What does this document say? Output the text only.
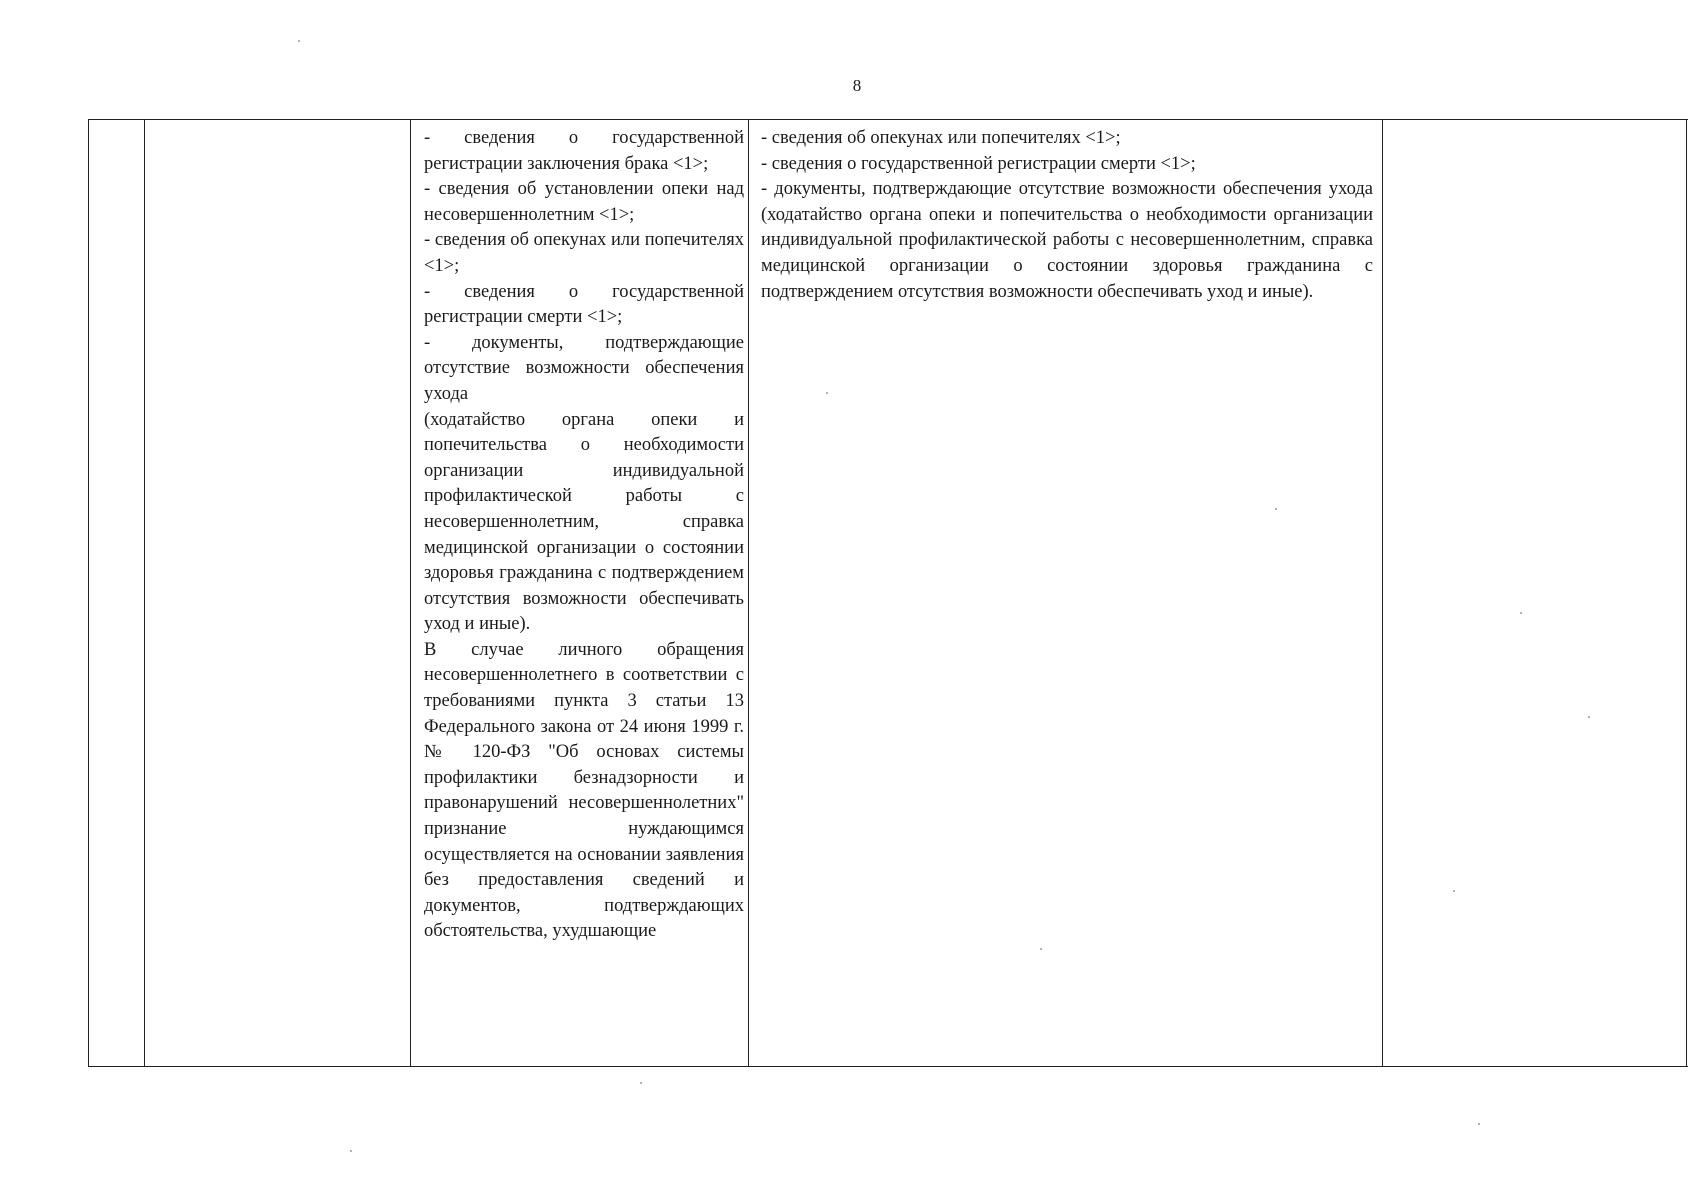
8

- сведения о государственной регистрации заключения брака <1>;

- сведения об установлении опеки над несовершеннолетним <1>;

- сведения об опекунах или попечителях <1>;

- сведения о государственной регистрации смерти <1>;

- документы, подтверждающие отсутствие возможности обеспечения ухода

(ходатайство органа опеки и попечительства о необходимости организации индивидуальной профилактической работы с несовершеннолетним, справка медицинской организации о состоянии здоровья гражданина с подтверждением отсутствия возможности обеспечивать уход и иные).

В случае личного обращения несовершеннолетнего в соответствии с требованиями пункта 3 статьи 13 Федерального закона от 24 июня 1999 г. № 120-ФЗ "Об основах системы профилактики безнадзорности и правонарушений несовершеннолетних" признание нуждающимся осуществляется на основании заявления без предоставления сведений и документов, подтверждающих обстоятельства, ухудшающие

- сведения об опекунах или попечителях <1>;

- сведения о государственной регистрации смерти <1>;

- документы, подтверждающие отсутствие возможности обеспечения ухода (ходатайство органа опеки и попечительства о необходимости организации индивидуальной профилактической работы с несовершеннолетним, справка медицинской организации о состоянии здоровья гражданина с подтверждением отсутствия возможности обеспечивать уход и иные).
